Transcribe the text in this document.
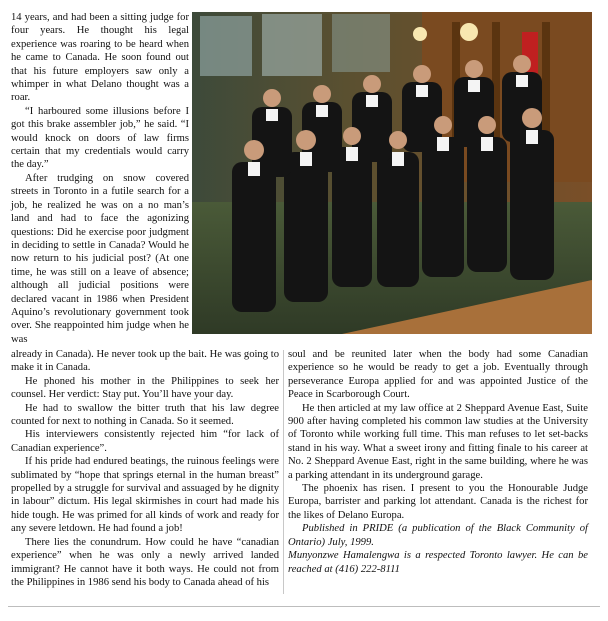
14 years, and had been a sitting judge for four years. He thought his legal experience was roaring to be heard when he came to Canada. He soon found out that his future employers saw only a whimper in what Delano thought was a roar.

“I harboured some illusions before I got this brake assembler job,” he said. “I would knock on doors of law firms certain that my credentials would carry the day.”

After trudging on snow covered streets in Toronto in a futile search for a job, he realized he was on a no man’s land and had to face the agonizing questions: Did he exercise poor judgment in deciding to settle in Canada? Would he now return to his judicial post? (At one time, he was still on a leave of absence; although all judicial positions were declared vacant in 1986 when President Aquino’s revolutionary government took over. She reappointed him judge when he was

already in Canada). He never took up the bait. He was going to make it in Canada.

He phoned his mother in the Philippines to seek her counsel. Her verdict: Stay put. You’ll have your day.

He had to swallow the bitter truth that his law degree counted for next to nothing in Canada. So it seemed.

His interviewers consistently rejected him “for lack of Canadian experience”.

If his pride had endured beatings, the ruinous feelings were sublimated by “hope that springs eternal in the human breast” propelled by a struggle for survival and assuaged by he dignity in labour” dictum. His legal skirmishes in court had made his hide tough. He was primed for all kinds of work and ready for any severe letdown. He had found a job!

There lies the conundrum. How could he have “canadian experience” when he was only a newly arrived landed immigrant? He cannot have it both ways. He could not from the Philippines in 1986 send his body to Canada ahead of his

soul and be reunited later when the body had some Canadian experience so he would be ready to get a job. Eventually through perseverance Europa applied for and was appointed Justice of the Peace in Scarborough Court.

He then articled at my law office at 2 Sheppard Avenue East, Suite 900 after having completed his common law studies at the University of Toronto while working full time. This man refuses to let set-backs stand in his way. What a sweet irony and fitting finale to his career at No. 2 Sheppard Avenue East, right in the same building, where he was a parking attendant in its underground garage.

The phoenix has risen. I present to you the Honourable Judge Europa, barrister and parking lot attendant. Canada is the richest for the likes of Delano Europa.

Published in PRIDE (a publication of the Black Community of Ontario) July, 1999.

Munyonzwe Hamalengwa is a respected Toronto lawyer. He can be reached at (416) 222-8111
